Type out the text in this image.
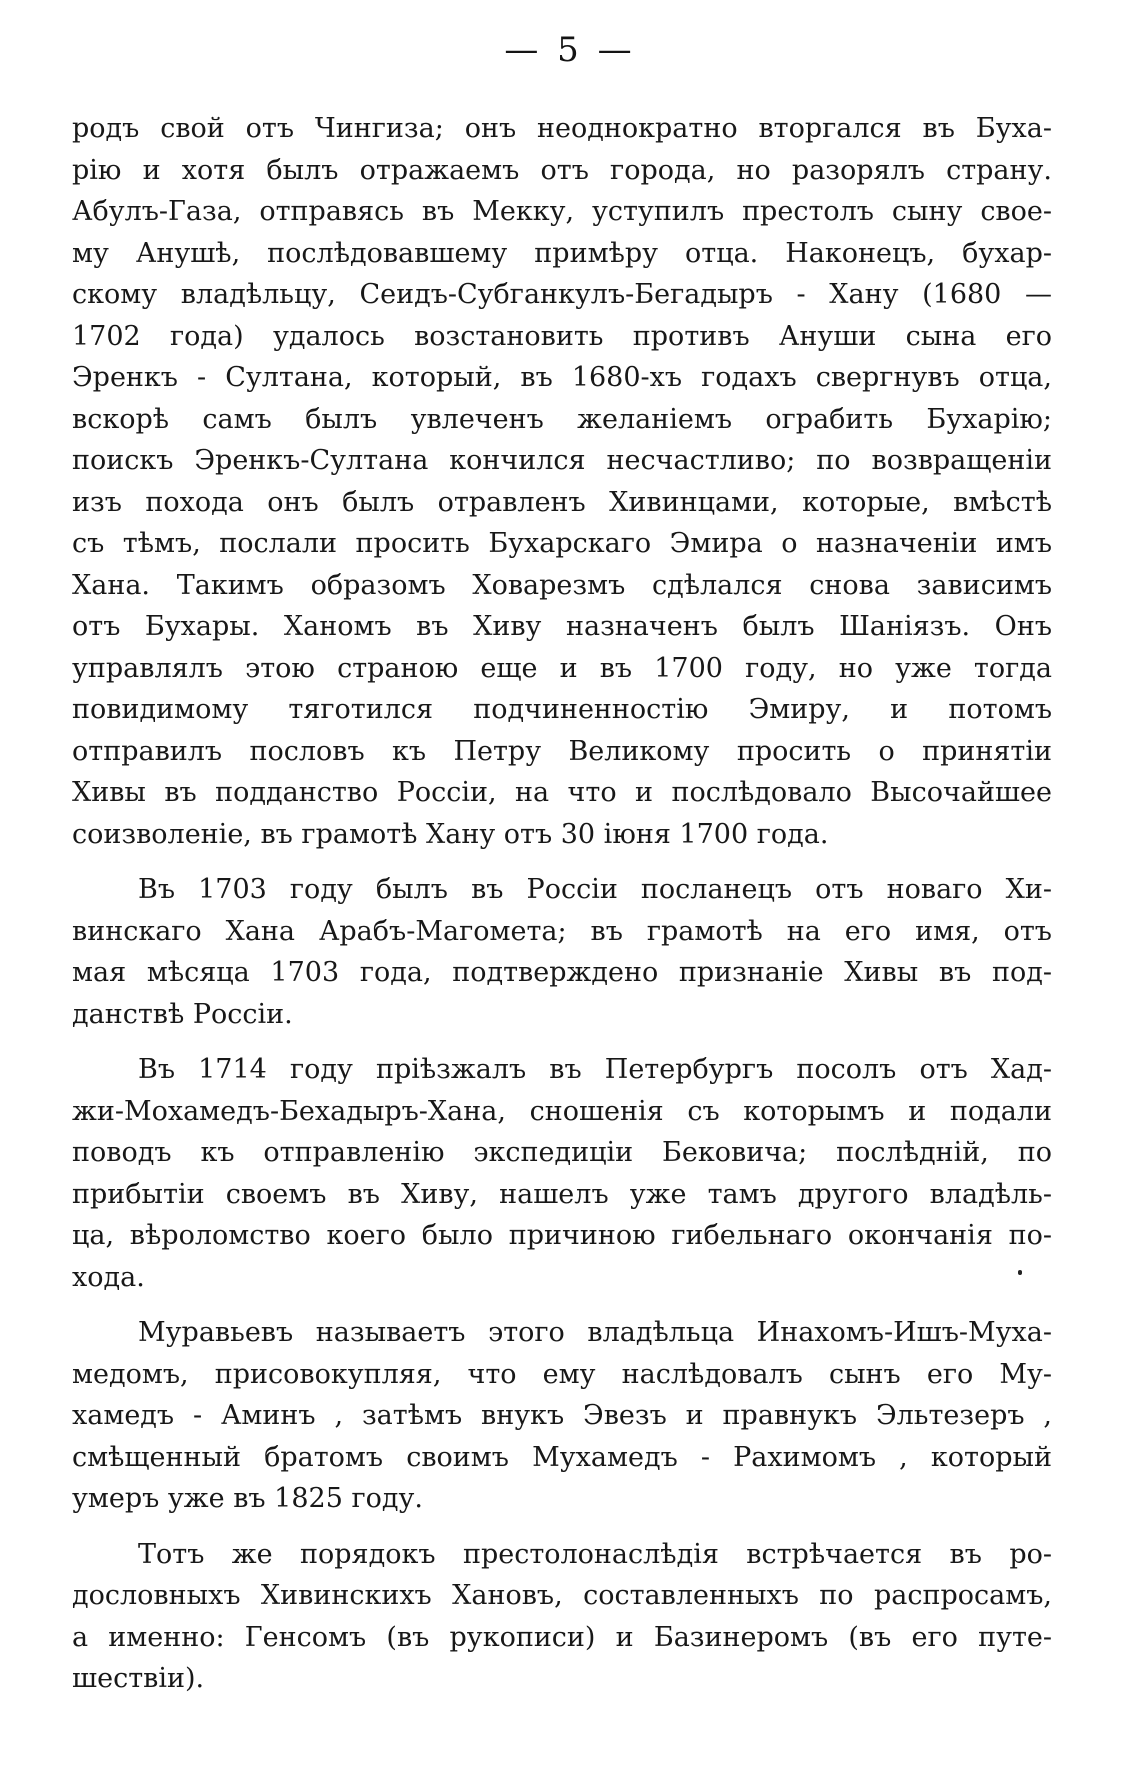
— 5 —
родъ свой отъ Чингиза; онъ неоднократно вторгался въ Буха-
рію и хотя былъ отражаемъ отъ города, но разорялъ страну.
Абулъ-Газа, отправясь въ Мекку, уступилъ престолъ сыну свое-
му Анушѣ, послѣдовавшему примѣру отца. Наконецъ, бухар-
скому владѣльцу, Сеидъ-Субганкулъ-Бегадыръ - Хану (1680 —
1702 года) удалось возстановить противъ Ануши сына его
Эренкъ - Султана, который, въ 1680-хъ годахъ свергнувъ отца,
вскорѣ самъ былъ увлеченъ желаніемъ ограбить Бухарію;
поискъ Эренкъ-Султана кончился несчастливо; по возвращеніи
изъ похода онъ былъ отравленъ Хивинцами, которые, вмѣстѣ
съ тѣмъ, послали просить Бухарскаго Эмира о назначеніи имъ
Хана. Такимъ образомъ Ховарезмъ сдѣлался снова зависимъ
отъ Бухары. Ханомъ въ Хиву назначенъ былъ Шаніязъ. Онъ
управлялъ этою страною еще и въ 1700 году, но уже тогда
повидимому тяготился подчиненностію Эмиру, и потомъ
отправилъ пословъ къ Петру Великому просить о принятіи
Хивы въ подданство Россіи, на что и послѣдовало Высочайшее
соизволеніе, въ грамотѣ Хану отъ 30 іюня 1700 года.
Въ 1703 году былъ въ Россіи посланецъ отъ новаго Хи-
винскаго Хана Арабъ-Магомета; въ грамотѣ на его имя, отъ
мая мѣсяца 1703 года, подтверждено признаніе Хивы въ под-
данствѣ Россіи.
Въ 1714 году пріѣзжалъ въ Петербургъ посолъ отъ Хад-
жи-Мохамедъ-Бехадыръ-Хана, сношенія съ которымъ и подали
поводъ къ отправленію экспедиціи Бековича; послѣдній, по
прибытіи своемъ въ Хиву, нашелъ уже тамъ другого владѣль-
ца, вѣроломство коего было причиною гибельнаго окончанія по-
хода.
Муравьевъ называетъ этого владѣльца Инахомъ-Ишъ-Муха-
медомъ, присовокупляя, что ему наслѣдовалъ сынъ его Му-
хамедъ - Аминъ , затѣмъ внукъ Эвезъ и правнукъ Эльтезеръ ,
смѣщенный братомъ своимъ Мухамедъ - Рахимомъ , который
умеръ уже въ 1825 году.
Тотъ же порядокъ престолонаслѣдія встрѣчается въ ро-
дословныхъ Хивинскихъ Хановъ, составленныхъ по распросамъ,
а именно: Генсомъ (въ рукописи) и Базинеромъ (въ его путе-
шествіи).
